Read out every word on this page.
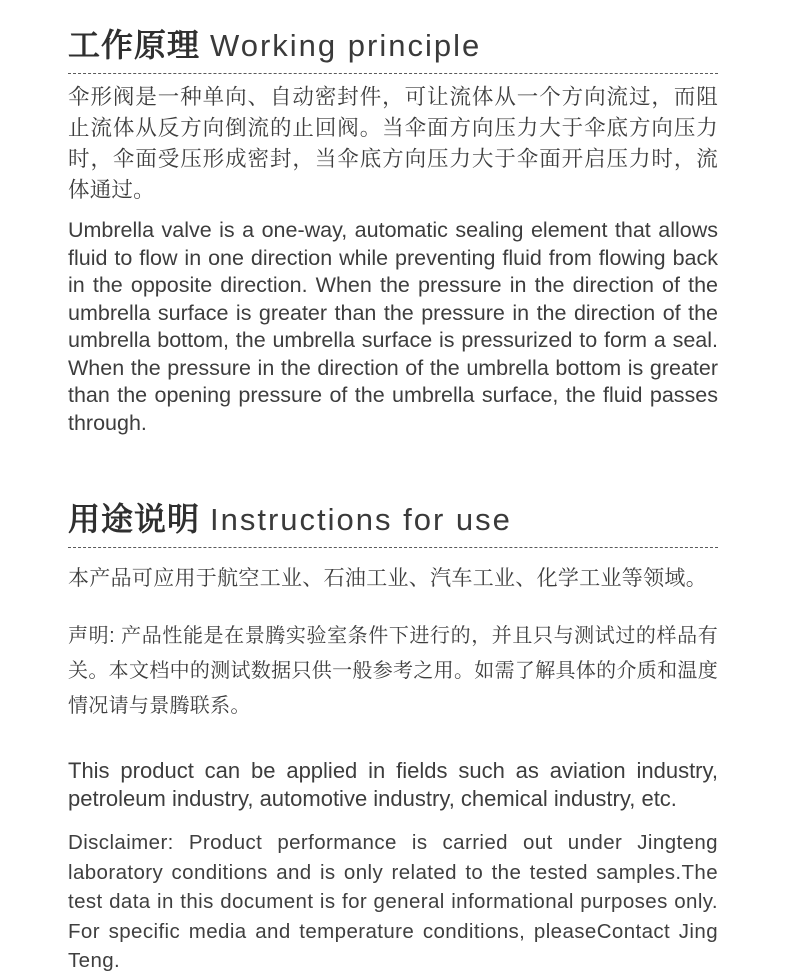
工作原理 Working principle

伞形阀是一种单向、自动密封件，可让流体从一个方向流过，而阻止流体从反方向倒流的止回阀。当伞面方向压力大于伞底方向压力时，伞面受压形成密封，当伞底方向压力大于伞面开启压力时，流体通过。

Umbrella valve is a one-way, automatic sealing element that allows fluid to flow in one direction while preventing fluid from flowing back in the opposite direction. When the pressure in the direction of the umbrella surface is greater than the pressure in the direction of the umbrella bottom, the umbrella surface is pressurized to form a seal. When the pressure in the direction of the umbrella bottom is greater than the opening pressure of the umbrella surface, the fluid passes through.

用途说明 Instructions for use

本产品可应用于航空工业、石油工业、汽车工业、化学工业等领域。

声明: 产品性能是在景腾实验室条件下进行的，并且只与测试过的样品有关。本文档中的测试数据只供一般参考之用。如需了解具体的介质和温度情况请与景腾联系。

This product can be applied in fields such as aviation industry, petroleum industry, automotive industry, chemical industry, etc.

Disclaimer: Product performance is carried out under Jingteng laboratory conditions and is only related to the tested samples.The test data in this document is for general informational purposes only. For specific media and temperature conditions, pleaseContact Jing Teng.
